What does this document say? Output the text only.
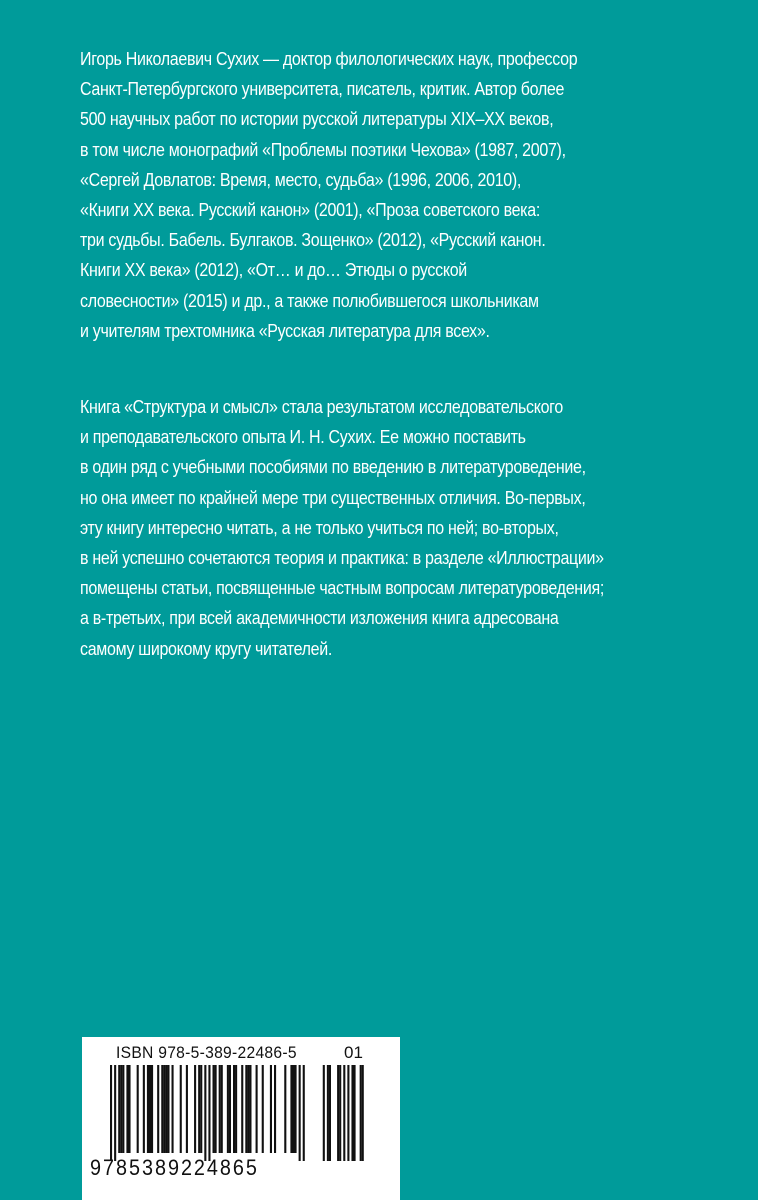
Игорь Николаевич Сухих — доктор филологических наук, профессор
Санкт-Петербургского университета, писатель, критик. Автор более
500 научных работ по истории русской литературы XIX–XX веков,
в том числе монографий «Проблемы поэтики Чехова» (1987, 2007),
«Сергей Довлатов: Время, место, судьба» (1996, 2006, 2010),
«Книги XX века. Русский канон» (2001), «Проза советского века:
три судьбы. Бабель. Булгаков. Зощенко» (2012), «Русский канон.
Книги XX века» (2012), «От… и до… Этюды о русской
словесности» (2015) и др., а также полюбившегося школьникам
и учителям трехтомника «Русская литература для всех».
Книга «Структура и смысл» стала результатом исследовательского
и преподавательского опыта И. Н. Сухих. Ее можно поставить
в один ряд с учебными пособиями по введению в литературоведение,
но она имеет по крайней мере три существенных отличия. Во-первых,
эту книгу интересно читать, а не только учиться по ней; во-вторых,
в ней успешно сочетаются теория и практика: в разделе «Иллюстрации»
помещены статьи, посвященные частным вопросам литературоведения;
а в-третьих, при всей академичности изложения книга адресована
самому широкому кругу читателей.
ISBN 978-5-389-22486-5	01
9785389224865
